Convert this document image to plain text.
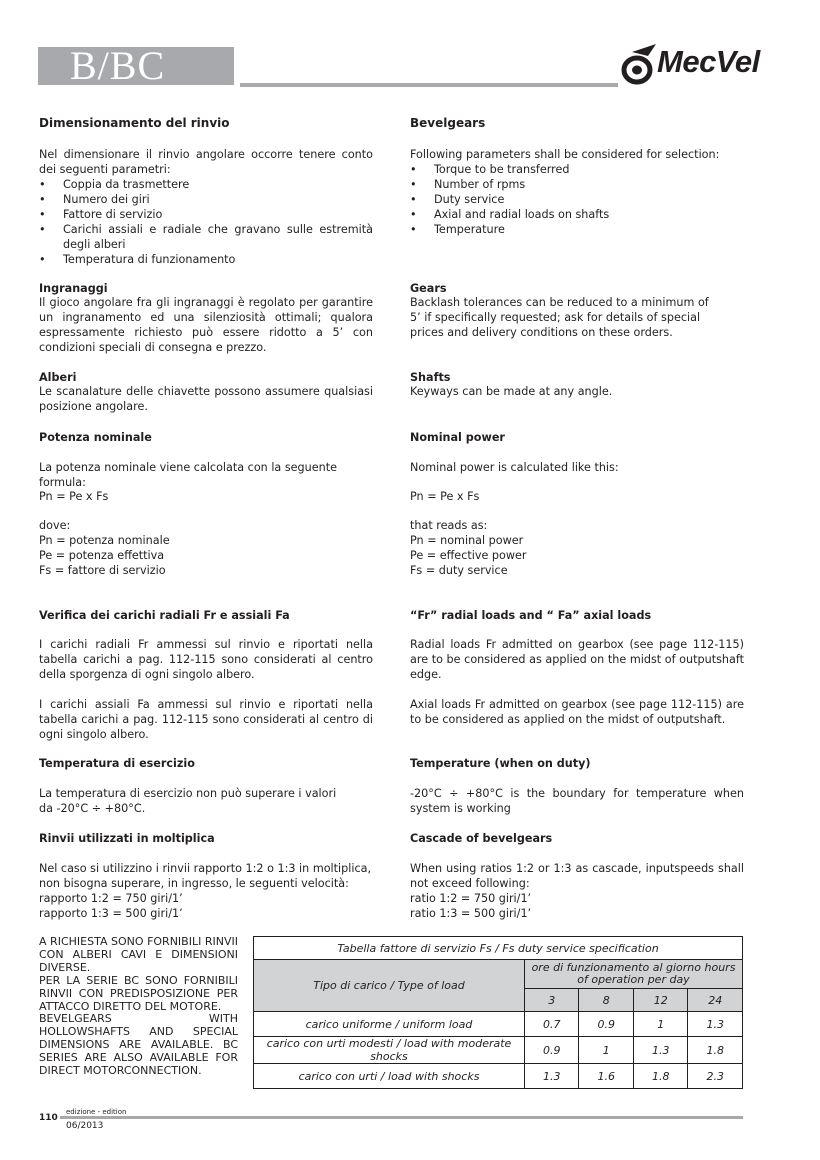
B/BC	MecVel
Dimensionamento del rinvio
Nel dimensionare il rinvio angolare occorre tenere conto dei seguenti parametri:
• Coppia da trasmettere
• Numero dei giri
• Fattore di servizio
• Carichi assiali e radiale che gravano sulle estremità degli alberi
• Temperatura di funzionamento
Ingranaggi
Il gioco angolare fra gli ingranaggi è regolato per garantire un ingranamento ed una silenziosità ottimali; qualora espressamente richiesto può essere ridotto a 5’ con condizioni speciali di consegna e prezzo.
Alberi
Le scanalature delle chiavette possono assumere qualsiasi posizione angolare.
Potenza nominale
La potenza nominale viene calcolata con la seguente formula:
Pn = Pe x Fs
dove:
Pn = potenza nominale
Pe = potenza effettiva
Fs = fattore di servizio
Verifica dei carichi radiali Fr e assiali Fa
I carichi radiali Fr ammessi sul rinvio e riportati nella tabella carichi a pag. 112-115 sono considerati al centro della sporgenza di ogni singolo albero.
I carichi assiali Fa ammessi sul rinvio e riportati nella tabella carichi a pag. 112-115 sono considerati al centro di ogni singolo albero.
Temperatura di esercizio
La temperatura di esercizio non può superare i valori
da -20°C ÷ +80°C.
Rinvii utilizzati in moltiplica
Nel caso si utilizzino i rinvii rapporto 1:2 o 1:3 in moltiplica,
non bisogna superare, in ingresso, le seguenti velocità:
rapporto 1:2 = 750 giri/1’
rapporto 1:3 = 500 giri/1’
Bevelgears
Following parameters shall be considered for selection:
• Torque to be transferred
• Number of rpms
• Duty service
• Axial and radial loads on shafts
• Temperature
Gears
Backlash tolerances can be reduced to a minimum of
5’ if specifically requested; ask for details of special
prices and delivery conditions on these orders.
Shafts
Keyways can be made at any angle.
Nominal power
Nominal power is calculated like this:
Pn = Pe x Fs
that reads as:
Pn = nominal power
Pe = effective power
Fs = duty service
“Fr” radial loads and “ Fa” axial loads
Radial loads Fr admitted on gearbox (see page 112-115) are to be considered as applied on the midst of outputshaft edge.
Axial loads Fr admitted on gearbox (see page 112-115) are to be considered as applied on the midst of outputshaft.
Temperature (when on duty)
-20°C ÷ +80°C is the boundary for temperature when system is working
Cascade of bevelgears
When using ratios 1:2 or 1:3 as cascade, inputspeeds shall not exceed following:
ratio 1:2 = 750 giri/1’
ratio 1:3 = 500 giri/1’

A RICHIESTA SONO FORNIBILI RINVII CON ALBERI CAVI E DIMENSIONI DIVERSE.

PER LA SERIE BC SONO FORNIBILI RINVII CON PREDISPOSIZIONE PER ATTACCO DIRETTO DEL MOTORE.

BEVELGEARS WITH HOLLOWSHAFTS AND SPECIAL DIMENSIONS ARE AVAILABLE. BC SERIES ARE ALSO AVAILABLE FOR DIRECT MOTORCONNECTION.

Tabella fattore di servizio Fs / Fs duty service specification				
Tipo di carico / Type of load	ore di funzionamento al giorno hours of operation per day			
	3	8	12	24
carico uniforme / uniform load	0.7	0.9	1	1.3
carico con urti modesti / load with moderate shocks	0.9	1	1.3	1.8
carico con urti / load with shocks	1.3	1.6	1.8	2.3
110
edizione - edition
06/2013
